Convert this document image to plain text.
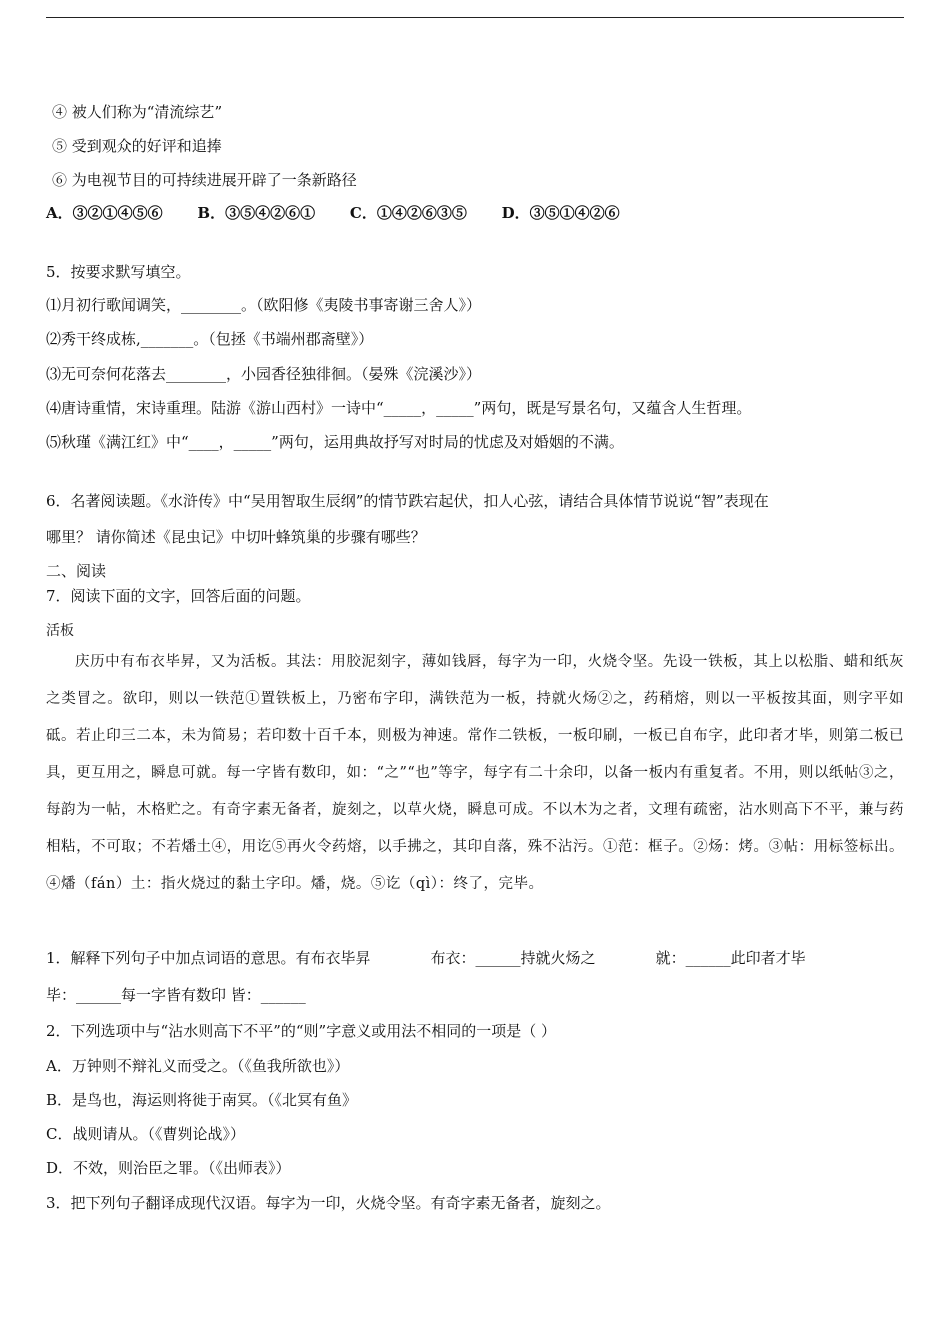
④ 被人们称为“清流综艺”
⑤ 受到观众的好评和追捧
⑥ 为电视节目的可持续进展开辟了一条新路径
A．③②①④⑤⑥ B．③⑤④②⑥① C．①④②⑥③⑤ D．③⑤①④②⑥
5．按要求默写填空。
⑴月初行歌闻调笑，________。（欧阳修《夷陵书事寄谢三舍人》）
⑵秀干终成栋,_______。（包拯《书端州郡斋壁》）
⑶无可奈何花落去________，小园香径独徘徊。（晏殊《浣溪沙》）
⑷唐诗重情，宋诗重理。陆游《游山西村》一诗中“_____，_____”两句，既是写景名句，又蕴含人生哲理。
⑸秋瑾《满江红》中“____，_____”两句，运用典故抒写对时局的忧虑及对婚姻的不满。
6．名著阅读题。《水浒传》中“吴用智取生辰纲”的情节跌宕起伏，扣人心弦，请结合具体情节说说“智”表现在
哪里？ 请你简述《昆虫记》中切叶蜂筑巢的步骤有哪些？
二、阅读
7．阅读下面的文字，回答后面的问题。
活板

庆历中有布衣毕昇，又为活板。其法：用胶泥刻字，薄如钱唇，每字为一印，火烧令坚。先设一铁板，其上以松脂、蜡和纸灰之类冒之。欲印，则以一铁范①置铁板上，乃密布字印，满铁范为一板，持就火炀②之，药稍熔，则以一平板按其面，则字平如砥。若止印三二本，未为简易；若印数十百千本，则极为神速。常作二铁板，一板印刷，一板已自布字，此印者才毕，则第二板已具，更互用之，瞬息可就。每一字皆有数印，如：“之”“也”等字，每字有二十余印，以备一板内有重复者。不用，则以纸帖③之，每韵为一帖，木格贮之。有奇字素无备者，旋刻之，以草火烧，瞬息可成。不以木为之者，文理有疏密，沾水则高下不平，兼与药相粘，不可取；不若燔土④，用讫⑤再火令药熔，以手拂之，其印自落，殊不沾污。①范：框子。②炀：烤。③帖：用标签标出。④燔（fán）土：指火烧过的黏土字印。燔，烧。⑤讫（qì）：终了，完毕。

1．解释下列句子中加点词语的意思。有布衣毕昇	布衣：______持就火炀之	就：______此印者才毕
毕：______每一字皆有数印 皆：______
2．下列选项中与“沾水则高下不平”的“则”字意义或用法不相同的一项是（ ）
A．万钟则不辩礼义而受之。（《鱼我所欲也》）
B．是鸟也，海运则将徙于南冥。（《北冥有鱼》
C．战则请从。（《曹刿论战》）
D．不效，则治臣之罪。（《出师表》）
3．把下列句子翻译成现代汉语。每字为一印，火烧令坚。有奇字素无备者，旋刻之。
